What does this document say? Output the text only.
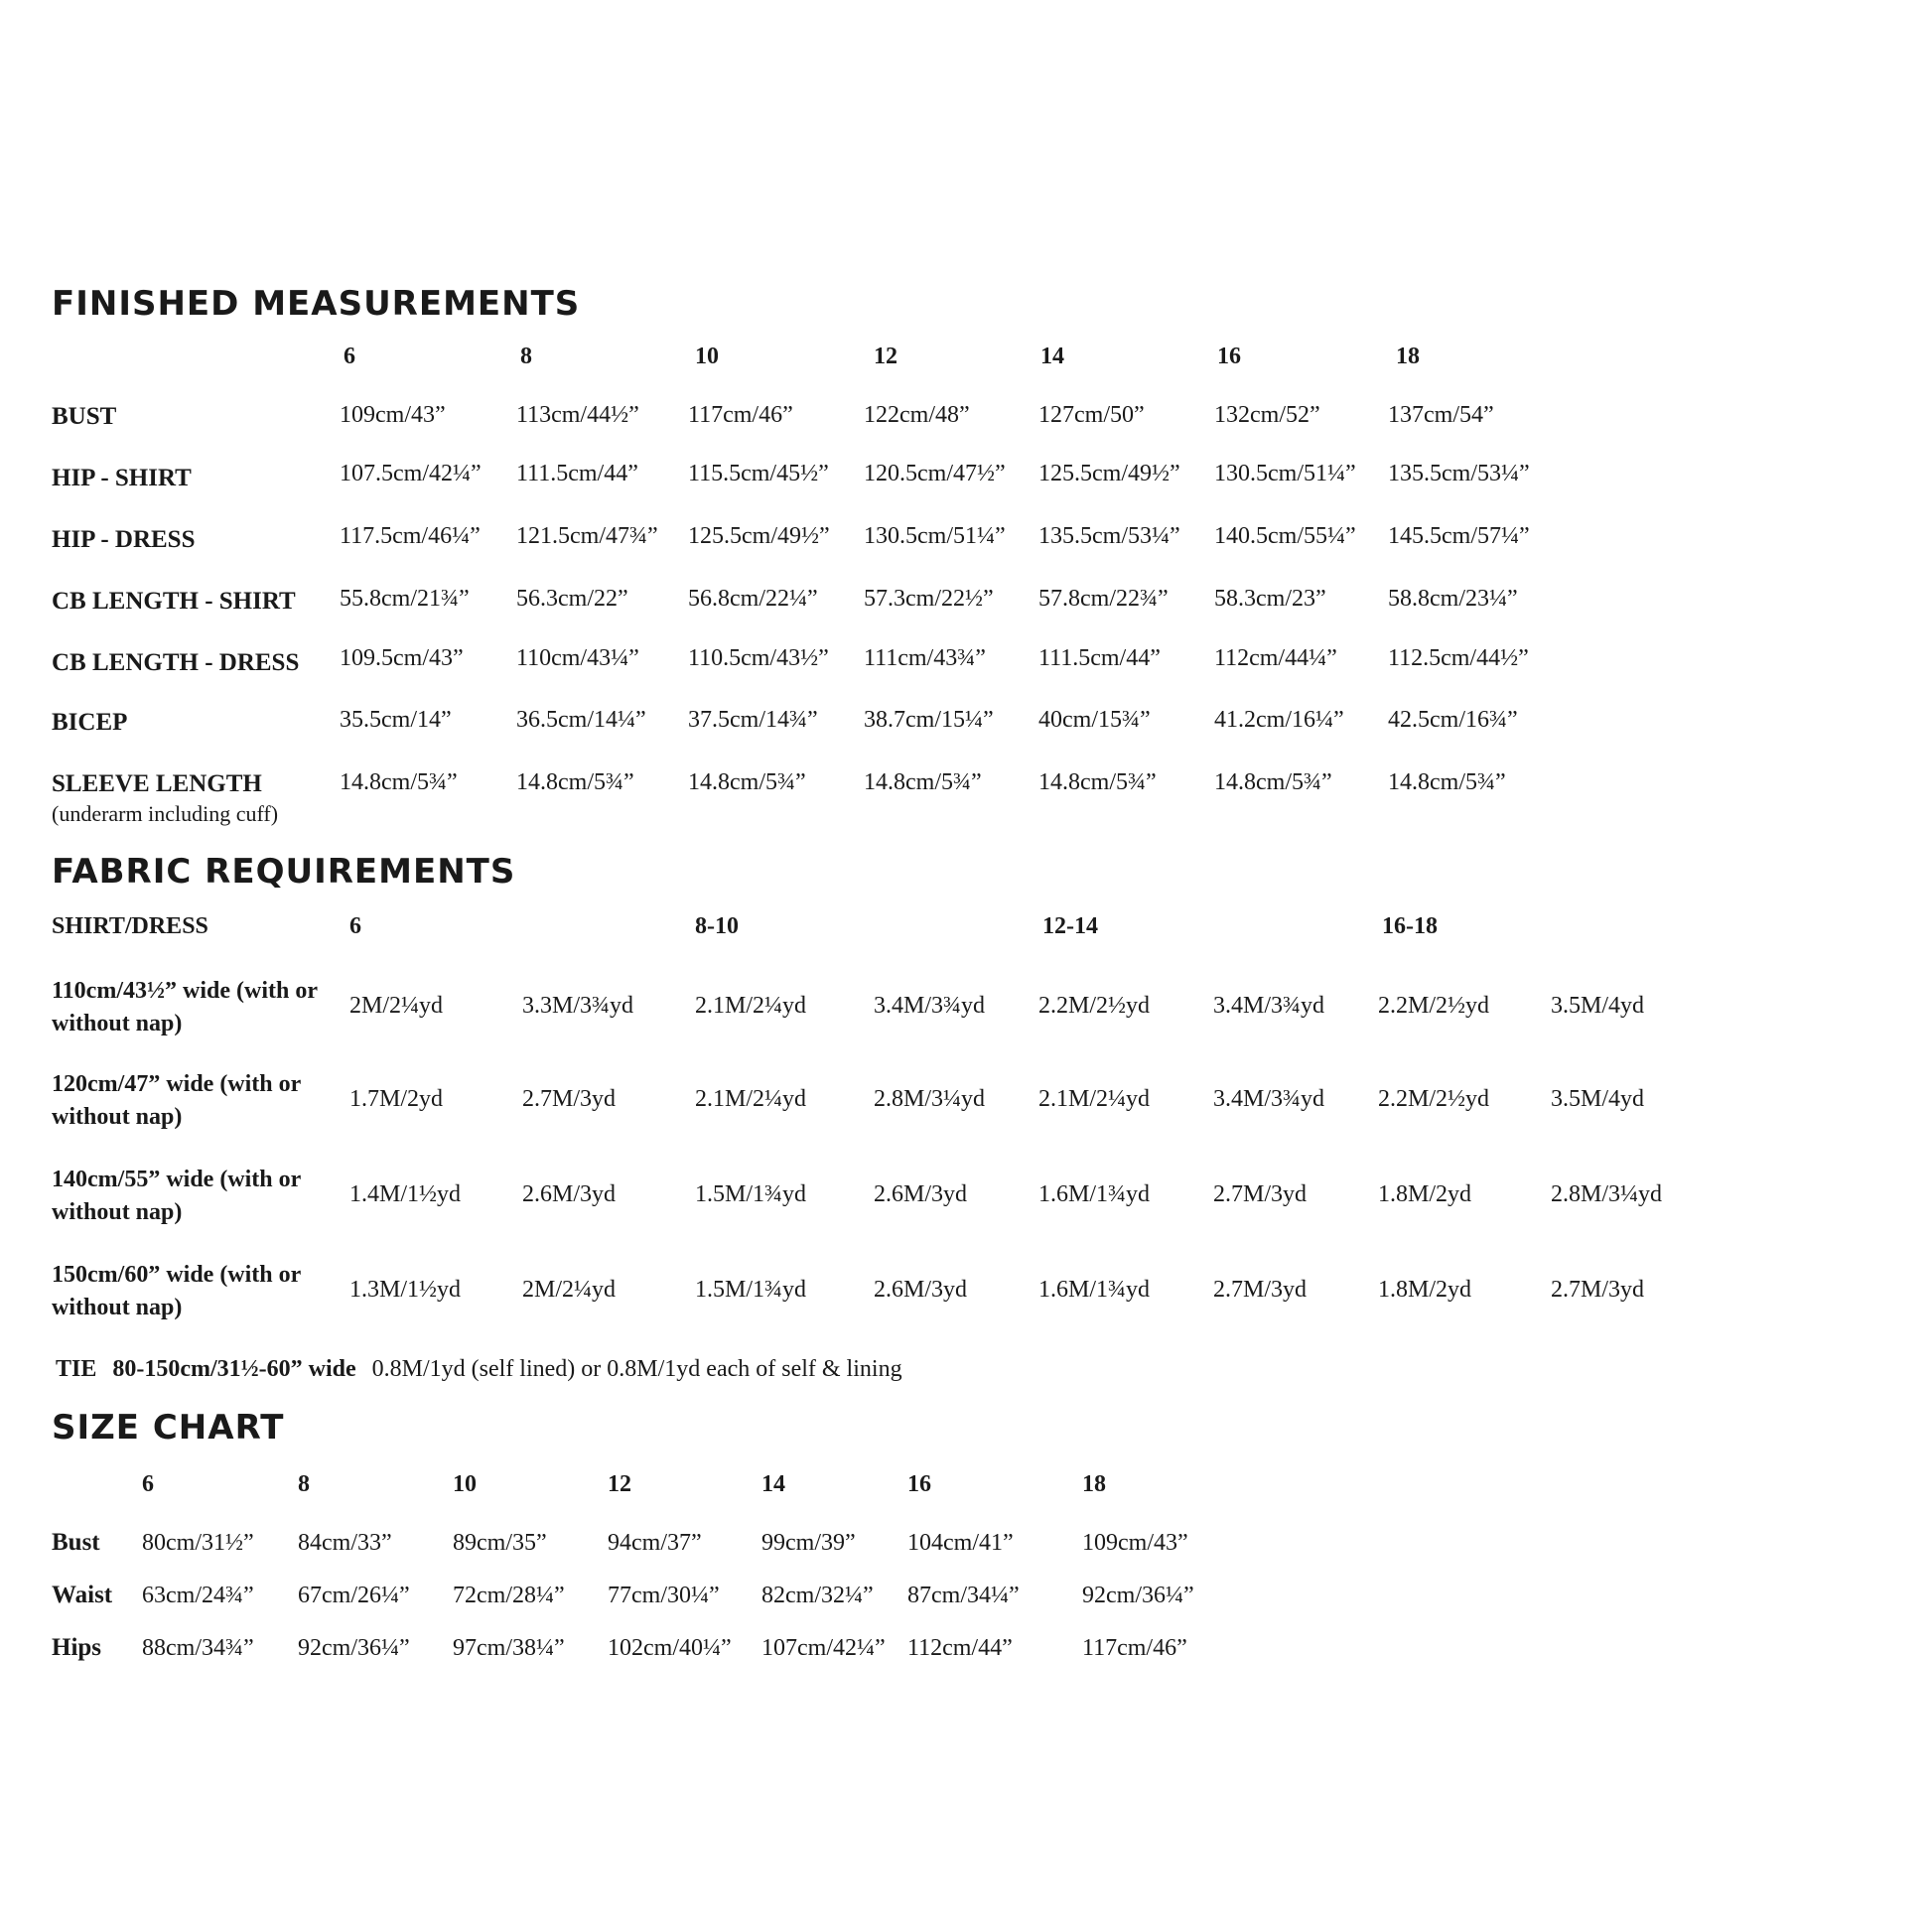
FINISHED MEASUREMENTS
6	8	10	12	14	16	18
BUST	109cm/43”	113cm/44½” 117cm/46”	122cm/48”	127cm/50”	132cm/52”	137cm/54”
HIP - SHIRT	107.5cm/42¼” 111.5cm/44” 115.5cm/45½” 120.5cm/47½” 125.5cm/49½” 130.5cm/51¼” 135.5cm/53¼”
HIP - DRESS	117.5cm/46¼” 121.5cm/47¾” 125.5cm/49½” 130.5cm/51¼” 135.5cm/53¼” 140.5cm/55¼” 145.5cm/57¼”
CB LENGTH - SHIRT 55.8cm/21¾” 56.3cm/22”	56.8cm/22¼” 57.3cm/22½” 57.8cm/22¾” 58.3cm/23”	58.8cm/23¼”
CB LENGTH - DRESS 109.5cm/43” 110cm/43¼” 110.5cm/43½” 111cm/43¾” 111.5cm/44” 112cm/44¼” 112.5cm/44½”
BICEP	35.5cm/14”	36.5cm/14¼” 37.5cm/14¾” 38.7cm/15¼” 40cm/15¾”	41.2cm/16¼” 42.5cm/16¾”
SLEEVE LENGTH
(underarm including cuff)
14.8cm/5¾” 14.8cm/5¾” 14.8cm/5¾” 14.8cm/5¾” 14.8cm/5¾” 14.8cm/5¾” 14.8cm/5¾”
FABRIC REQUIREMENTS
SHIRT/DRESS	6	8-10	12-14	16-18
110cm/43½” wide (with or without nap)
2M/2¼yd	3.3M/3¾yd	2.1M/2¼yd	3.4M/3¾yd 2.2M/2½yd	3.4M/3¾yd 2.2M/2½yd	3.5M/4yd
120cm/47” wide (with or without nap)
1.7M/2yd	2.7M/3yd	2.1M/2¼yd	2.8M/3¼yd 2.1M/2¼yd	3.4M/3¾yd 2.2M/2½yd	3.5M/4yd
140cm/55” wide (with or without nap)
1.4M/1½yd	2.6M/3yd	1.5M/1¾yd	2.6M/3yd	1.6M/1¾yd	2.7M/3yd	1.8M/2yd	2.8M/3¼yd
150cm/60” wide (with or without nap)
1.3M/1½yd	2M/2¼yd	1.5M/1¾yd	2.6M/3yd	1.6M/1¾yd	2.7M/3yd	1.8M/2yd	2.7M/3yd
TIE 80-150cm/31½-60” wide 0.8M/1yd (self lined) or 0.8M/1yd each of self & lining
SIZE CHART
6	8	10	12	14	16	18
Bust 80cm/31½” 84cm/33”	89cm/35”	94cm/37”	99cm/39” 104cm/41”	109cm/43”
Waist 63cm/24¾” 67cm/26¼” 72cm/28¼” 77cm/30¼” 82cm/32¼” 87cm/34¼”	92cm/36¼”
Hips 88cm/34¾” 92cm/36¼” 97cm/38¼” 102cm/40¼” 107cm/42¼” 112cm/44”	117cm/46”
